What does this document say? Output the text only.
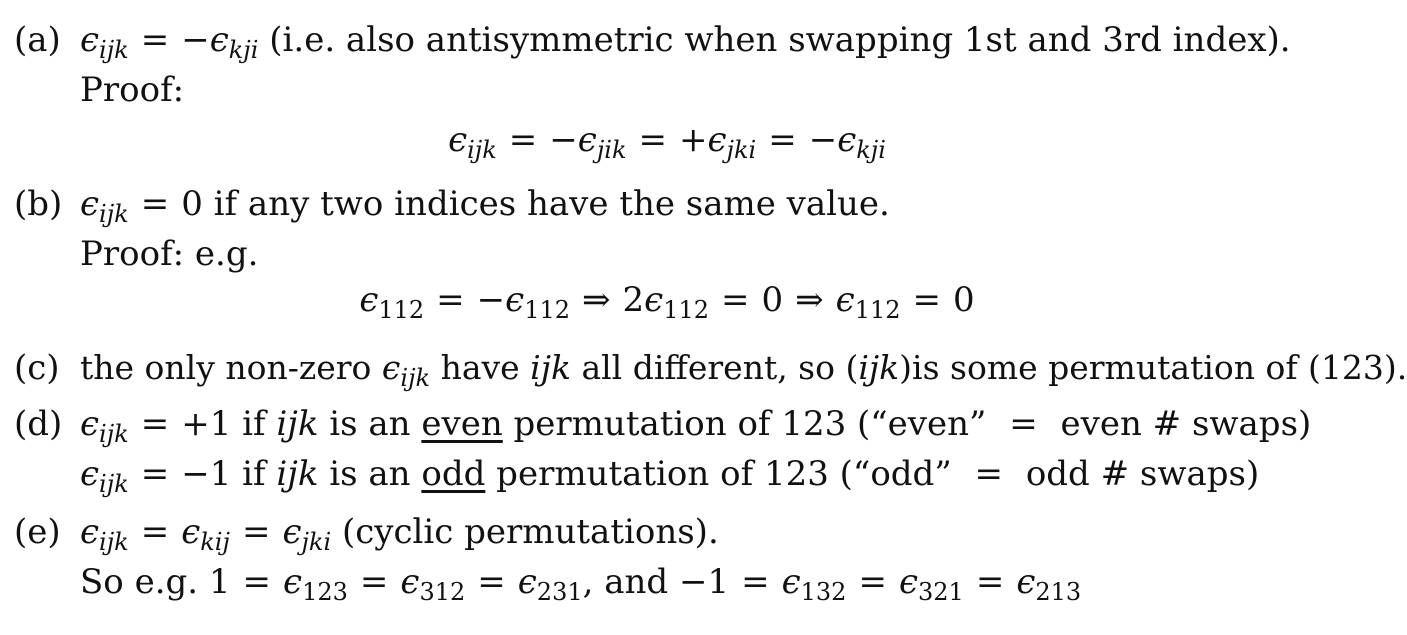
(a) $\epsilon_{ijk} = -\epsilon_{kji}$ (i.e. also antisymmetric when swapping 1st and 3rd index).
Proof:
$\epsilon_{ijk} = -\epsilon_{jik} = +\epsilon_{jki} = -\epsilon_{kji}$
(b) $\epsilon_{ijk} = 0$ if any two indices have the same value.
Proof: e.g.
$\epsilon_{112} = -\epsilon_{112}$ ⇒ $2\epsilon_{112} = 0$ ⇒ $\epsilon_{112} = 0$
(c) the only non-zero $\epsilon_{ijk}$ have ijk all different, so (ijk)is some permutation of (123).
(d) $\epsilon_{ijk} = +1$ if ijk is an even permutation of 123 (“even” = even # swaps)
$\epsilon_{ijk} = -1$ if ijk is an odd permutation of 123 (“odd” = odd # swaps)
(e) $\epsilon_{ijk} = \epsilon_{kij} = \epsilon_{jki}$ (cyclic permutations).
So e.g. $1 = \epsilon_{123} = \epsilon_{312} = \epsilon_{231}$, and $-1 = \epsilon_{132} = \epsilon_{321} = \epsilon_{213}$
